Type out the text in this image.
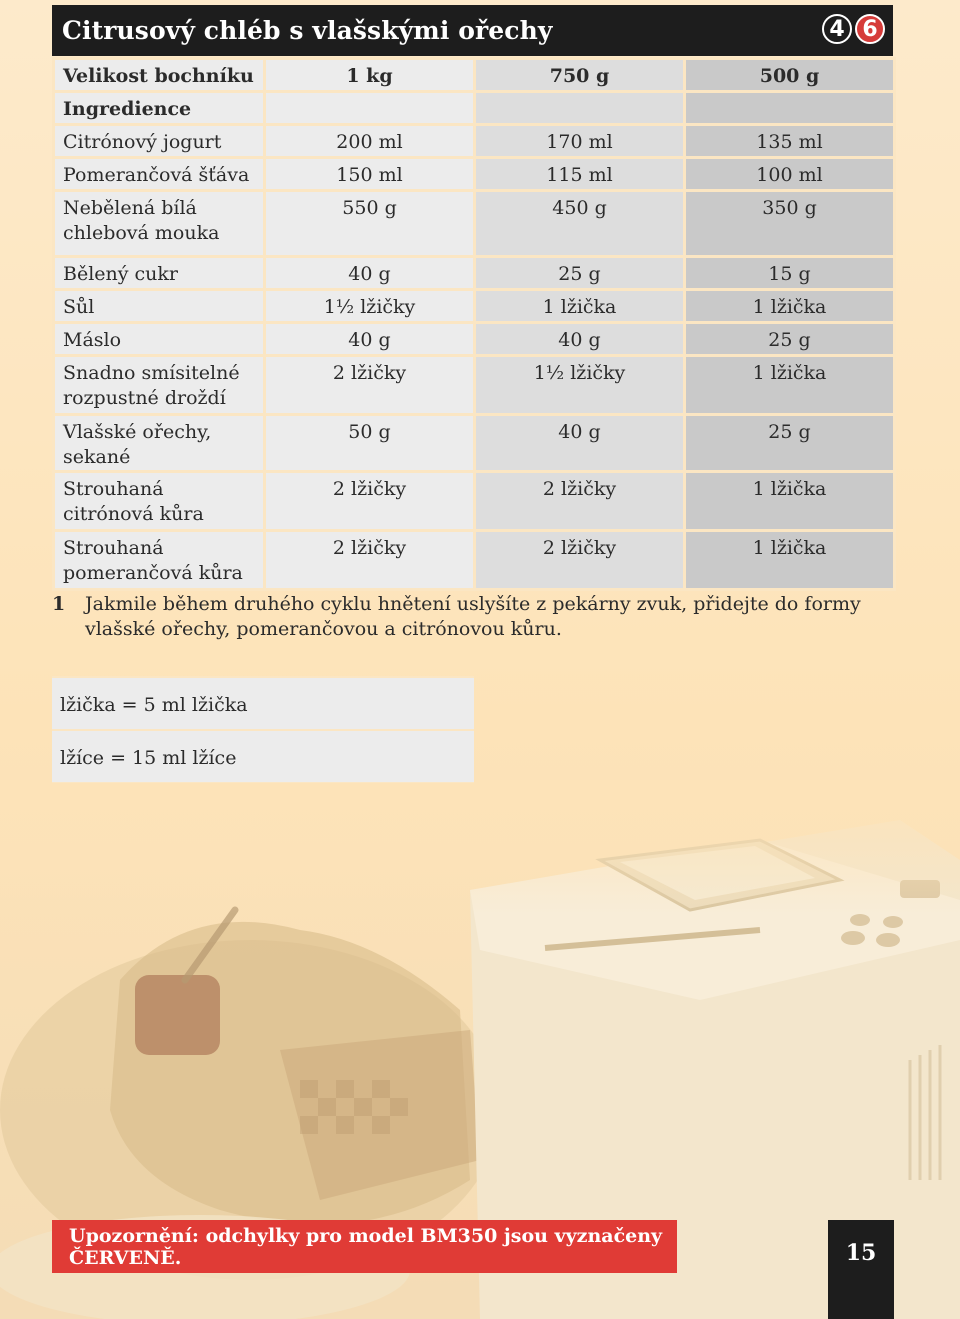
Citrusový chléb s vlašskými ořechy	4 6
Velikost bochníku	1 kg	750 g	500 g
Ingredience			
Citrónový jogurt	200 ml	170 ml	135 ml
Pomerančová šťáva	150 ml	115 ml	100 ml
Nebělená bílá chlebová mouka	550 g	450 g	350 g
Bělený cukr	40 g	25 g	15 g
Sůl	1½ lžičky	1 lžička	1 lžička
Máslo	40 g	40 g	25 g
Snadno smísitelné rozpustné droždí	2 lžičky	1½ lžičky	1 lžička
Vlašské ořechy, sekané	50 g	40 g	25 g
Strouhaná citrónová kůra	2 lžičky	2 lžičky	1 lžička
Strouhaná pomerančová kůra	2 lžičky	2 lžičky	1 lžička
1 Jakmile během druhého cyklu hnětení uslyšíte z pekárny zvuk, přidejte do formy vlašské ořechy, pomerančovou a citrónovou kůru.
lžička = 5 ml lžička
lžíce = 15 ml lžíce
Upozornění: odchylky pro model BM350 jsou vyznačeny ČERVENĚ.	15
